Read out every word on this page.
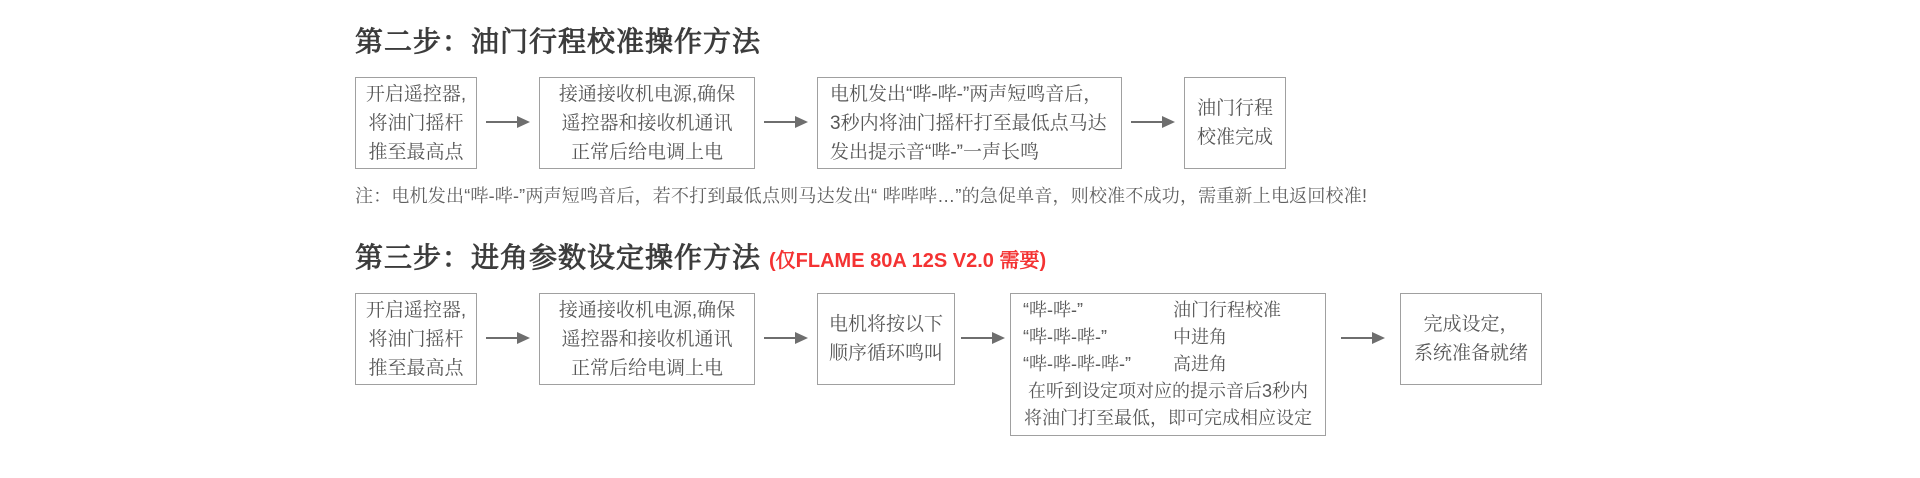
第二步：油门行程校准操作方法
开启遥控器,
将油门摇杆
推至最高点
接通接收机电源,确保
遥控器和接收机通讯
正常后给电调上电
电机发出“哔-哔-”两声短鸣音后，
3秒内将油门摇杆打至最低点马达
发出提示音“哔-”一声长鸣
油门行程
校准完成

注：电机发出“哔-哔-”两声短鸣音后，若不打到最低点则马达发出“ 哔哔哔…”的急促单音，则校准不成功，需重新上电返回校准!

第三步：进角参数设定操作方法 (仅FLAME 80A 12S V2.0 需要)
开启遥控器,
将油门摇杆
推至最高点
接通接收机电源,确保
遥控器和接收机通讯
正常后给电调上电
电机将按以下
顺序循环鸣叫
“哔-哔-”	油门行程校准
“哔-哔-哔-”	中进角
“哔-哔-哔-哔-”	高进角
在听到设定项对应的提示音后3秒内
将油门打至最低，即可完成相应设定
完成设定，
系统准备就绪
